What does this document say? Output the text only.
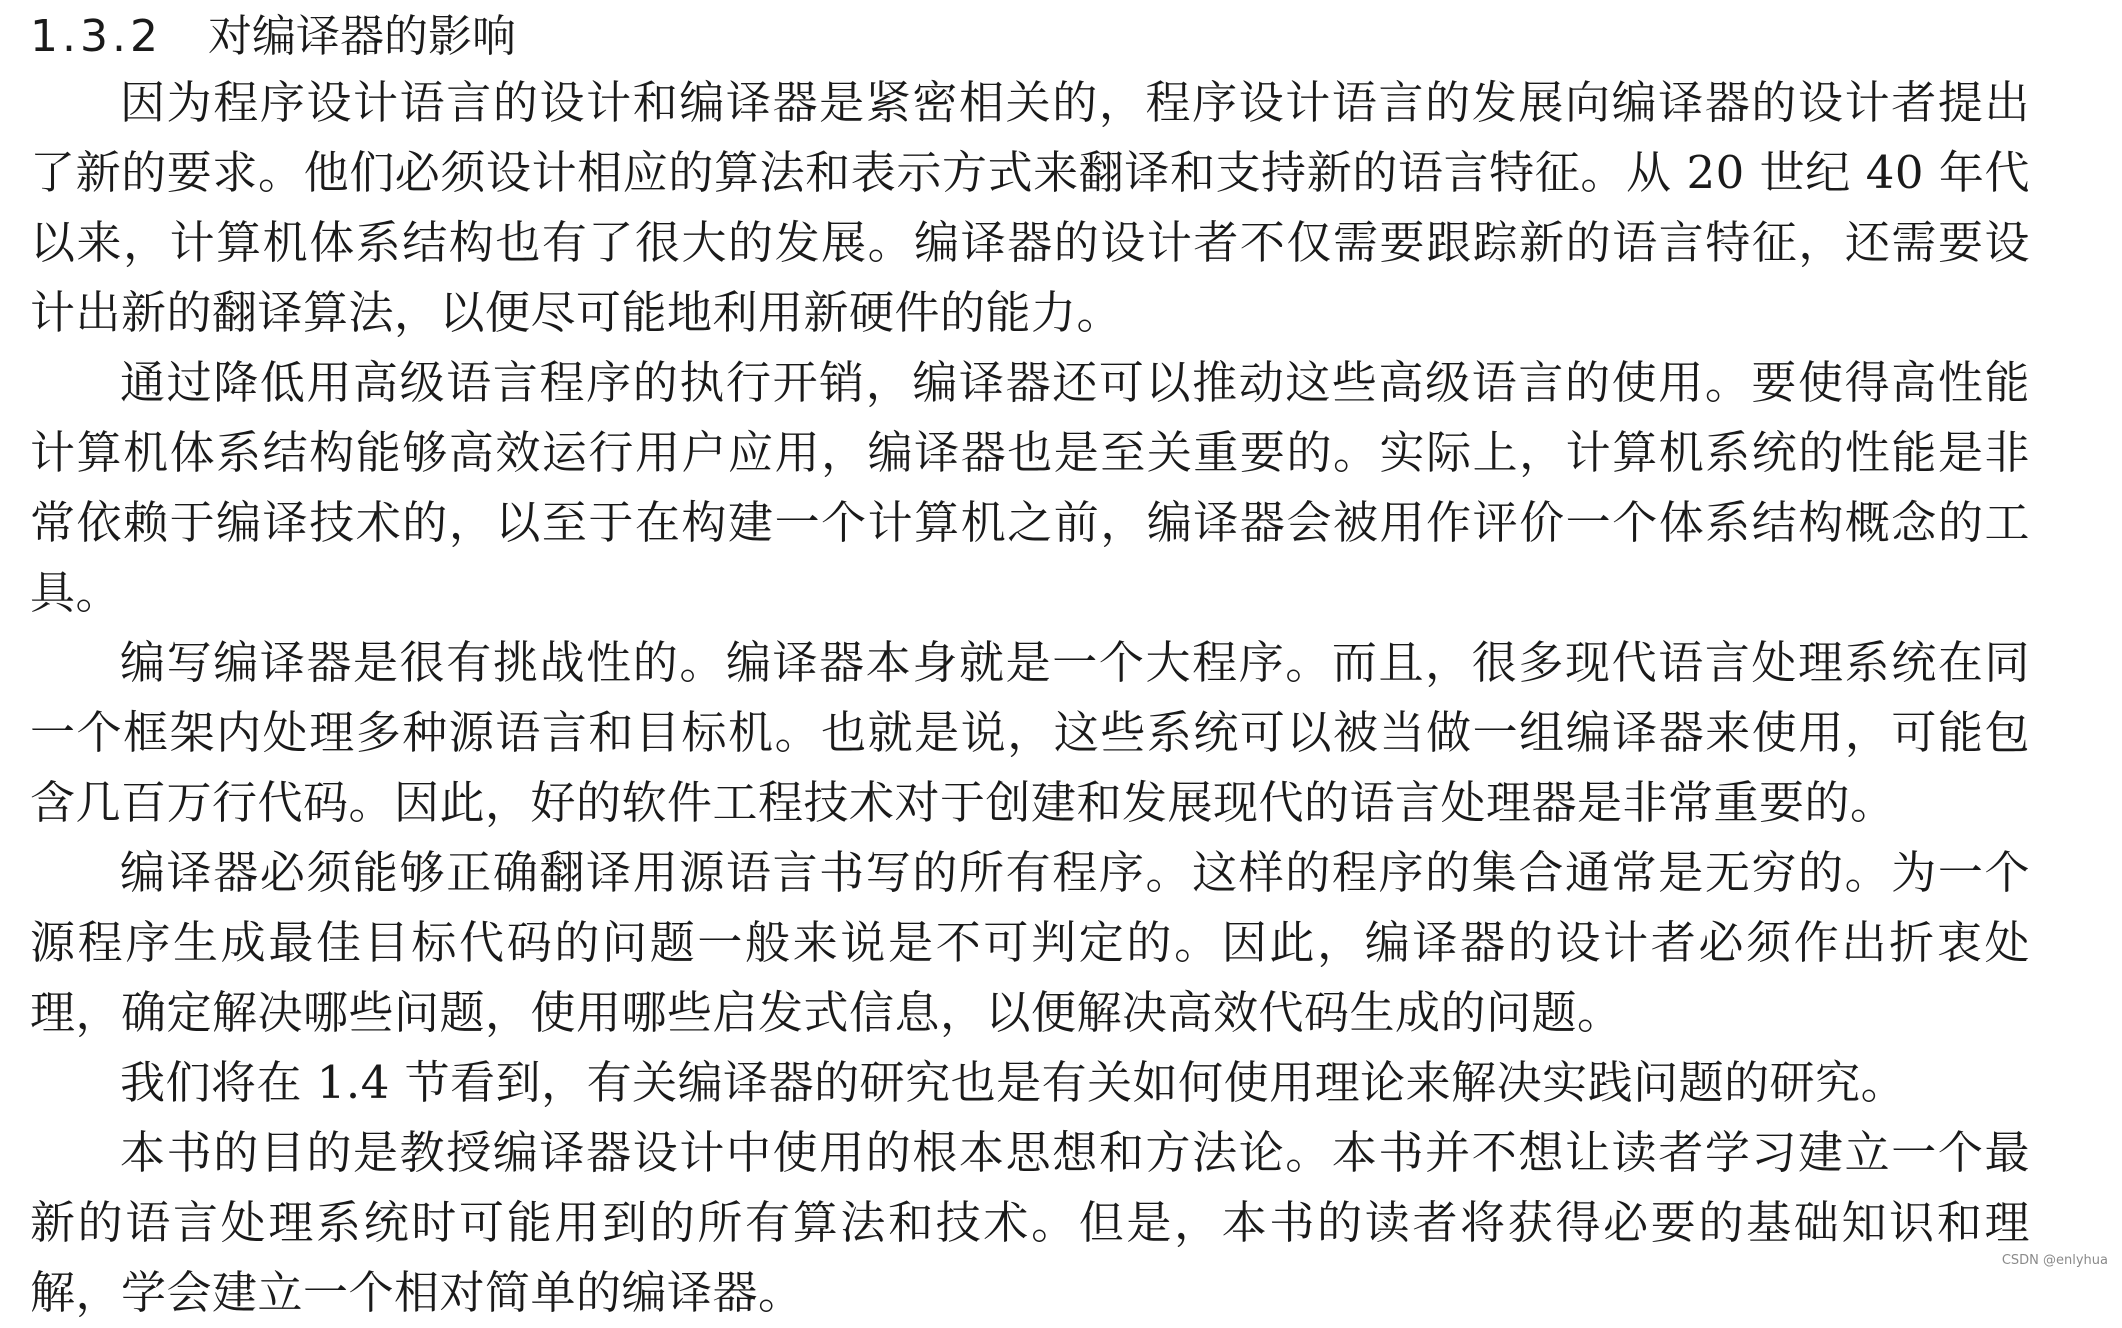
1.3.2 对编译器的影响

因为程序设计语言的设计和编译器是紧密相关的，程序设计语言的发展向编译器的设计者提出了新的要求。他们必须设计相应的算法和表示方式来翻译和支持新的语言特征。从 20 世纪 40 年代以来，计算机体系结构也有了很大的发展。编译器的设计者不仅需要跟踪新的语言特征，还需要设计出新的翻译算法，以便尽可能地利用新硬件的能力。

通过降低用高级语言程序的执行开销，编译器还可以推动这些高级语言的使用。要使得高性能计算机体系结构能够高效运行用户应用，编译器也是至关重要的。实际上，计算机系统的性能是非常依赖于编译技术的，以至于在构建一个计算机之前，编译器会被用作评价一个体系结构概念的工具。

编写编译器是很有挑战性的。编译器本身就是一个大程序。而且，很多现代语言处理系统在同一个框架内处理多种源语言和目标机。也就是说，这些系统可以被当做一组编译器来使用，可能包含几百万行代码。因此，好的软件工程技术对于创建和发展现代的语言处理器是非常重要的。

编译器必须能够正确翻译用源语言书写的所有程序。这样的程序的集合通常是无穷的。为一个源程序生成最佳目标代码的问题一般来说是不可判定的。因此，编译器的设计者必须作出折衷处理，确定解决哪些问题，使用哪些启发式信息，以便解决高效代码生成的问题。

我们将在 1.4 节看到，有关编译器的研究也是有关如何使用理论来解决实践问题的研究。

本书的目的是教授编译器设计中使用的根本思想和方法论。本书并不想让读者学习建立一个最新的语言处理系统时可能用到的所有算法和技术。但是，本书的读者将获得必要的基础知识和理解，学会建立一个相对简单的编译器。

CSDN @enlyhua
